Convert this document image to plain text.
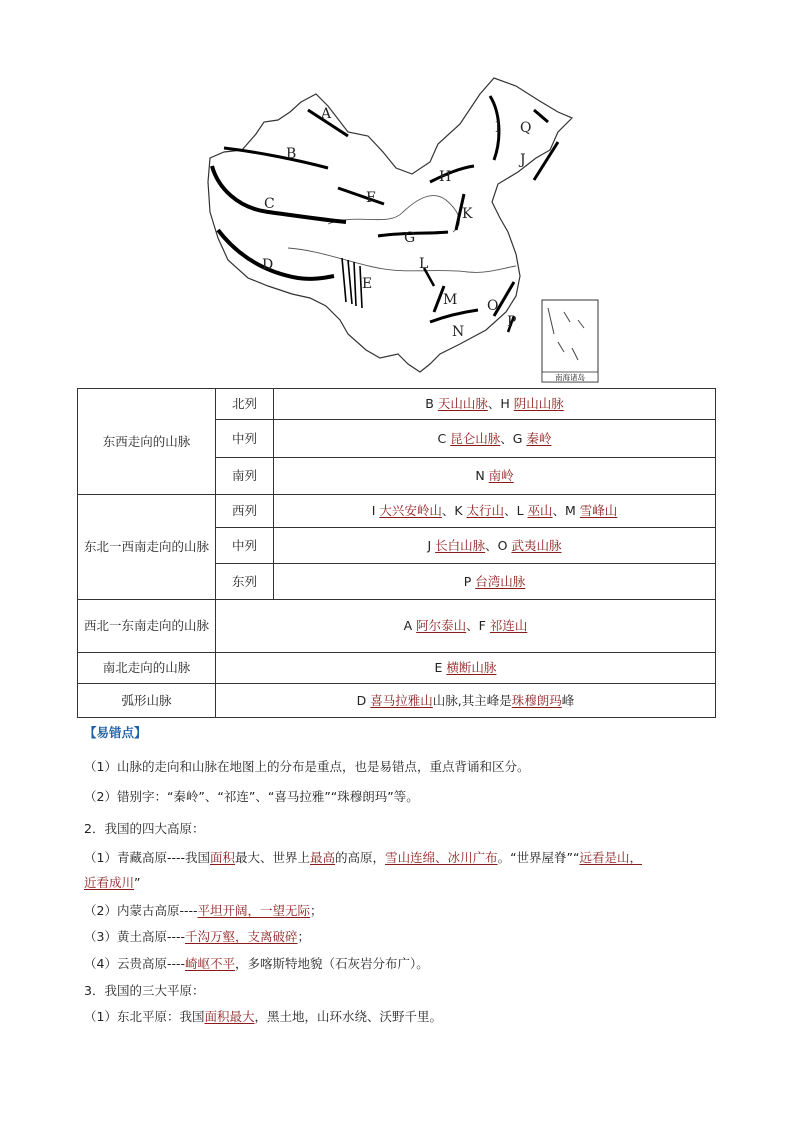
A
B
C
D
E
F
G
H
I
J
K
L
M
N
O
P
Q
南海诸岛
东西走向的山脉	北列	B 天山山脉、H 阴山山脉
	中列	C 昆仑山脉、G 秦岭
	南列	N 南岭
东北一西南走向的山脉	西列	I 大兴安岭山、K 太行山、L 巫山、M 雪峰山
	中列	J 长白山脉、O 武夷山脉
	东列	P 台湾山脉
西北一东南走向的山脉	A 阿尔泰山、F 祁连山	
南北走向的山脉	E 横断山脉	
弧形山脉	D 喜马拉雅山山脉,其主峰是珠穆朗玛峰	
【易错点】
（1）山脉的走向和山脉在地图上的分布是重点，也是易错点，重点背诵和区分。
（2）错别字：“秦岭”、“祁连”、“喜马拉雅”“珠穆朗玛”等。
2．我国的四大高原：
（1）青藏高原----我国面积最大、世界上最高的高原，雪山连绵、冰川广布。“世界屋脊”“远看是山，
近看成川”
（2）内蒙古高原----平坦开阔，一望无际；
（3）黄土高原----千沟万壑，支离破碎；
（4）云贵高原----崎岖不平，多喀斯特地貌（石灰岩分布广）。
3．我国的三大平原：
（1）东北平原：我国面积最大，黑土地，山环水绕、沃野千里。
